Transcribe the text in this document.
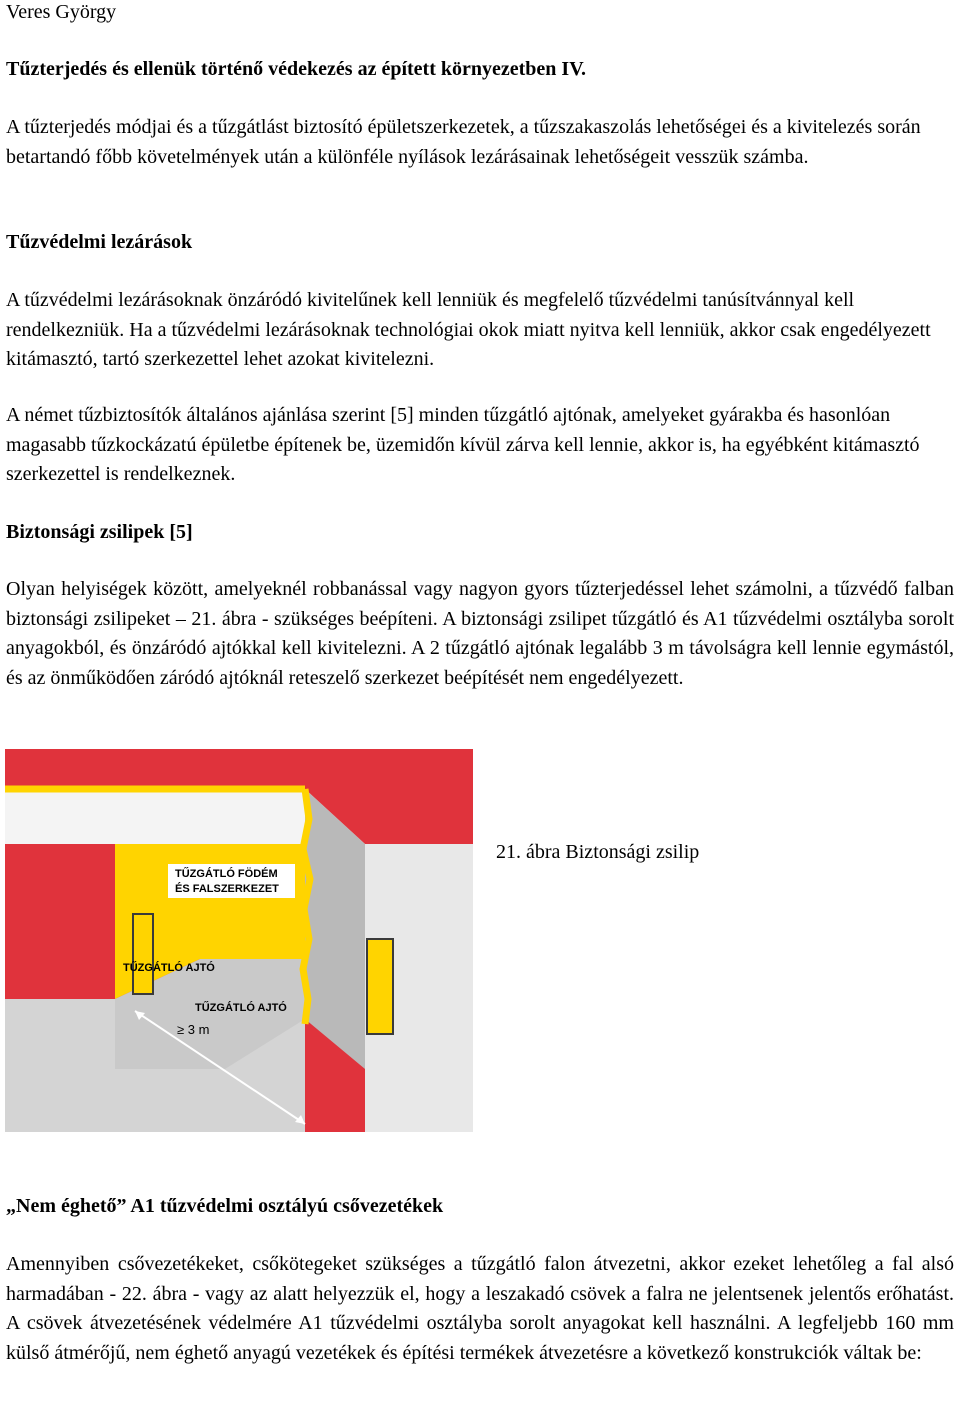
Veres György
Tűzterjedés és ellenük történő védekezés az épített környezetben IV.
A tűzterjedés módjai és a tűzgátlást biztosító épületszerkezetek, a tűzszakaszolás lehetőségei és a kivitelezés során betartandó főbb követelmények után a különféle nyílások lezárásainak lehetőségeit vesszük számba.
Tűzvédelmi lezárások
A tűzvédelmi lezárásoknak önzáródó kivitelűnek kell lenniük és megfelelő tűzvédelmi tanúsítvánnyal kell rendelkezniük. Ha a tűzvédelmi lezárásoknak technológiai okok miatt nyitva kell lenniük, akkor csak engedélyezett kitámasztó, tartó szerkezettel lehet azokat kivitelezni.
A német tűzbiztosítók általános ajánlása szerint [5] minden tűzgátló ajtónak, amelyeket gyárakba és hasonlóan magasabb tűzkockázatú épületbe építenek be, üzemidőn kívül zárva kell lennie, akkor is, ha egyébként kitámasztó szerkezettel is rendelkeznek.
Biztonsági zsilipek [5]
Olyan helyiségek között, amelyeknél robbanással vagy nagyon gyors tűzterjedéssel lehet számolni, a tűzvédő falban biztonsági zsilipeket – 21. ábra - szükséges beépíteni. A biztonsági zsilipet tűzgátló és A1 tűzvédelmi osztályba sorolt anyagokból, és önzáródó ajtókkal kell kivitelezni. A 2 tűzgátló ajtónak legalább 3 m távolságra kell lennie egymástól, és az önműködően záródó ajtóknál reteszelő szerkezet beépítését nem engedélyezett.
TŰZGÁTLÓ FÖDÉM
ÉS FALSZERKEZET
TŰZGÁTLÓ AJTÓ
TŰZGÁTLÓ AJTÓ
≥ 3 m
21. ábra Biztonsági zsilip
„Nem éghető” A1 tűzvédelmi osztályú csővezetékek
Amennyiben csővezetékeket, csőkötegeket szükséges a tűzgátló falon átvezetni, akkor ezeket lehetőleg a fal alsó harmadában - 22. ábra - vagy az alatt helyezzük el, hogy a leszakadó csövek a falra ne jelentsenek jelentős erőhatást. A csövek átvezetésének védelmére A1 tűzvédelmi osztályba sorolt anyagokat kell használni. A legfeljebb 160 mm külső átmérőjű, nem éghető anyagú vezetékek és építési termékek átvezetésre a következő konstrukciók váltak be:
